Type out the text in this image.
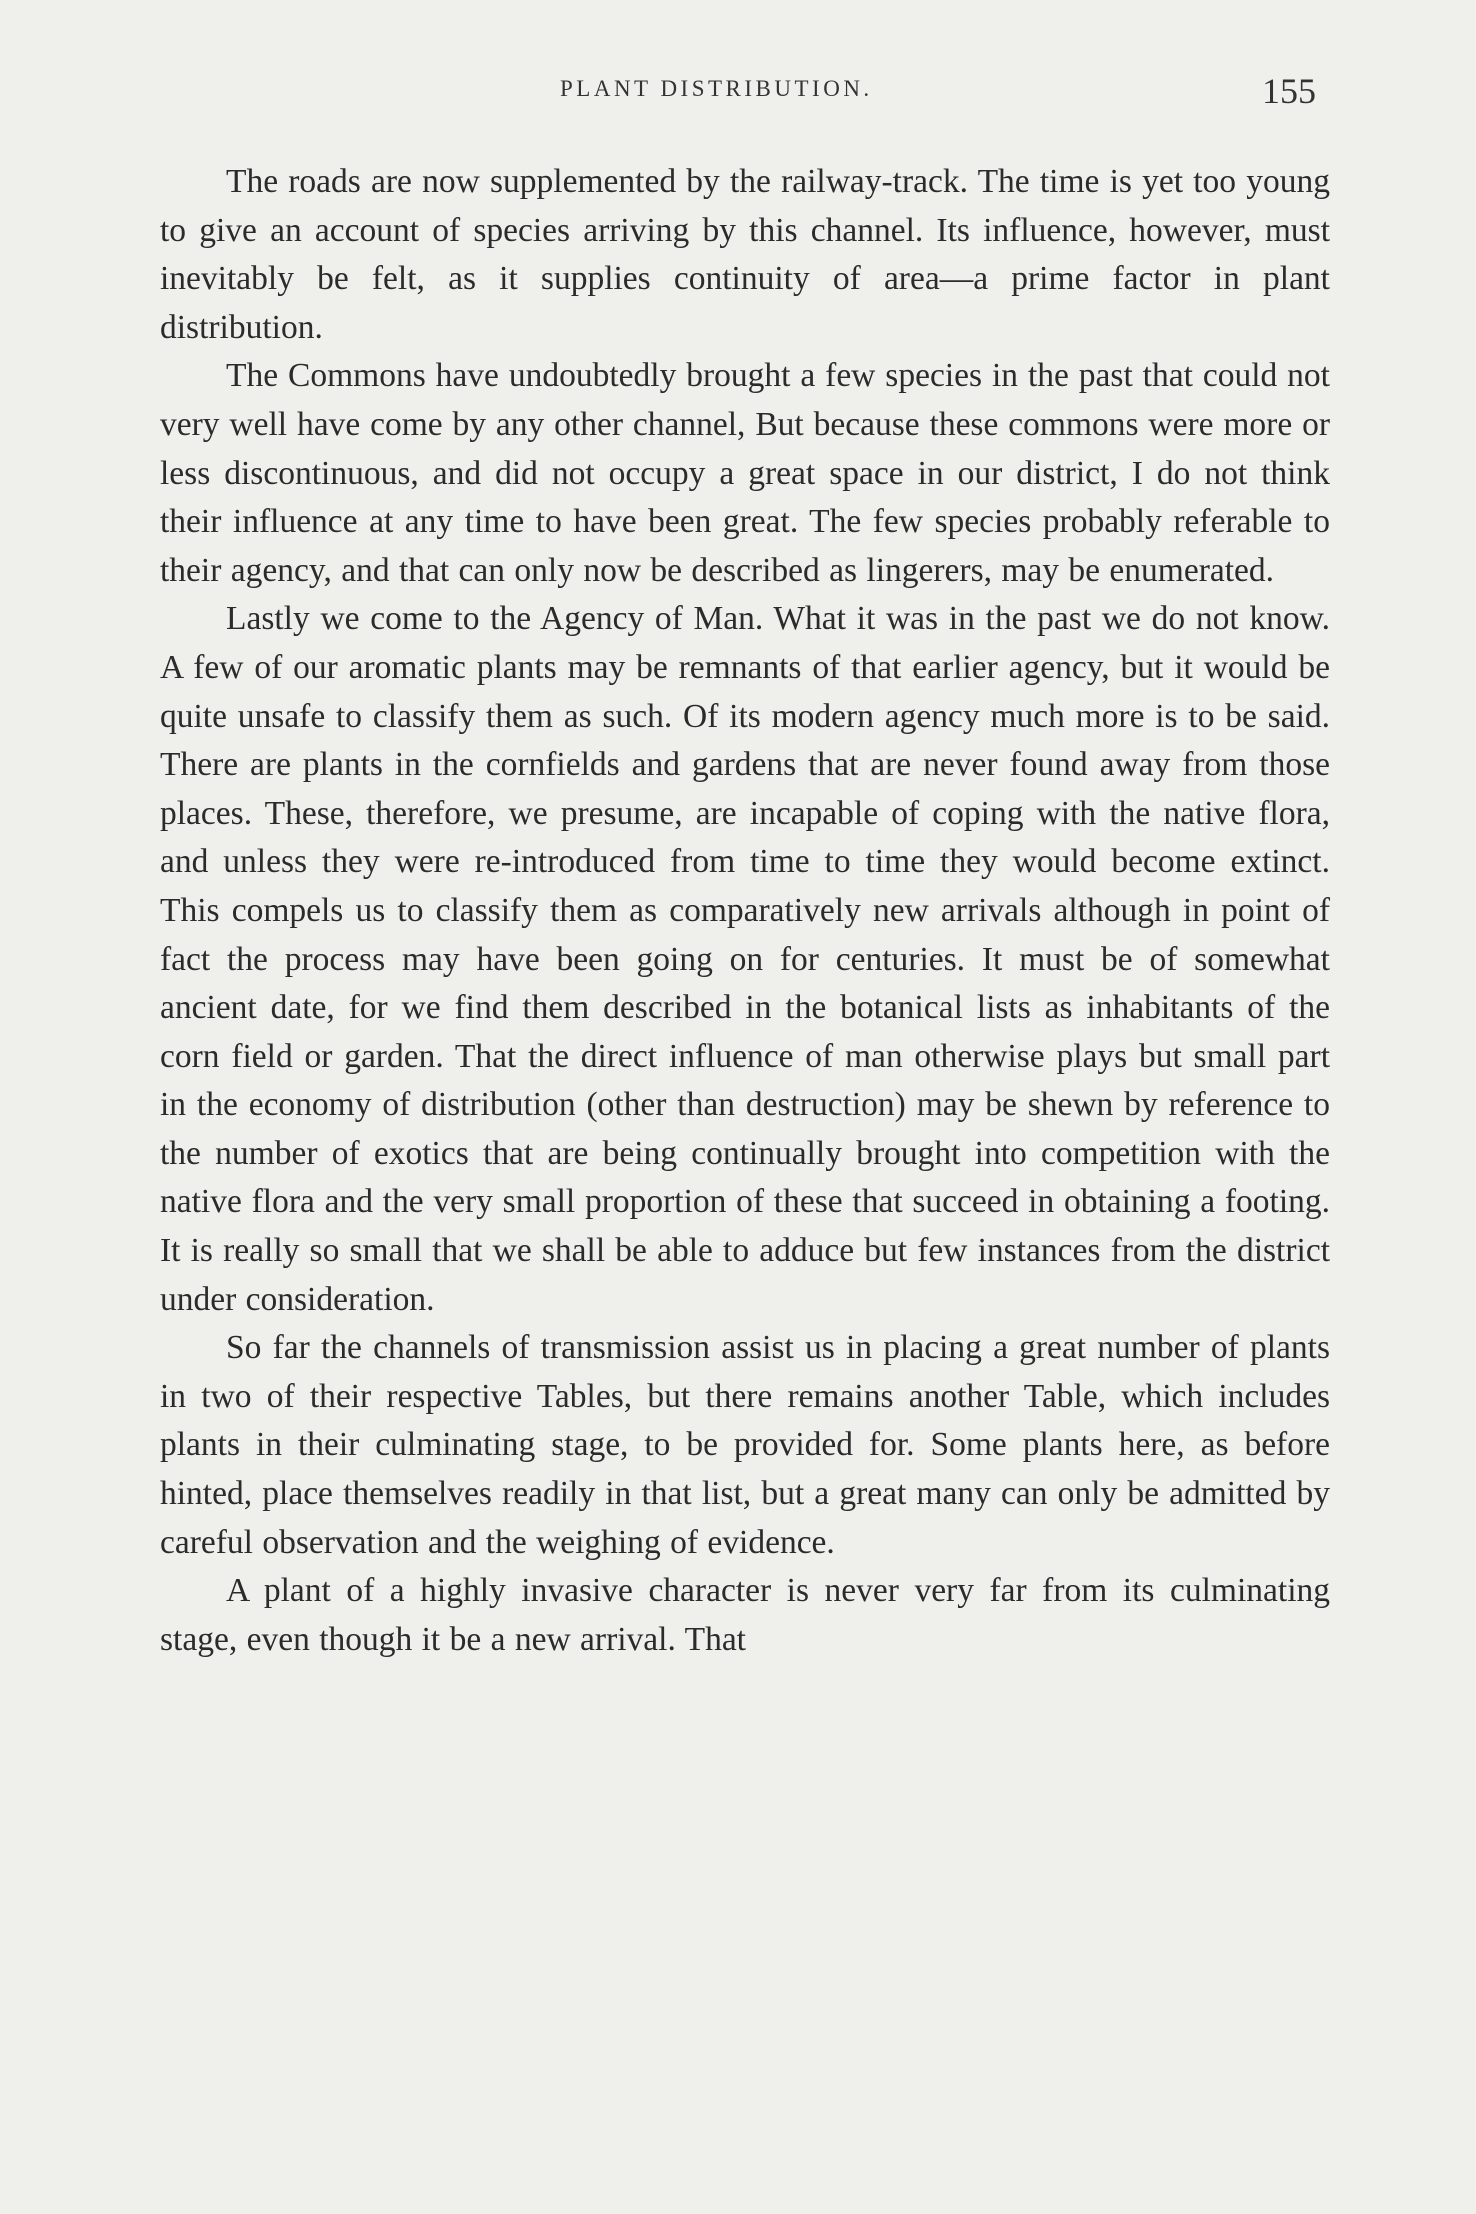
PLANT DISTRIBUTION.	155

The roads are now supplemented by the railway-track. The time is yet too young to give an account of species arriving by this channel. Its influence, however, must inevitably be felt, as it supplies continuity of area—a prime factor in plant distribution.

The Commons have undoubtedly brought a few species in the past that could not very well have come by any other channel, But because these commons were more or less discontinuous, and did not occupy a great space in our district, I do not think their influence at any time to have been great. The few species probably referable to their agency, and that can only now be described as lingerers, may be enumerated.

Lastly we come to the Agency of Man. What it was in the past we do not know. A few of our aromatic plants may be remnants of that earlier agency, but it would be quite unsafe to classify them as such. Of its modern agency much more is to be said. There are plants in the cornfields and gardens that are never found away from those places. These, therefore, we presume, are incapable of coping with the native flora, and unless they were re-introduced from time to time they would become extinct. This compels us to classify them as comparatively new arrivals although in point of fact the process may have been going on for centuries. It must be of somewhat ancient date, for we find them described in the botanical lists as inhabitants of the corn field or garden. That the direct influence of man otherwise plays but small part in the economy of distribution (other than destruction) may be shewn by reference to the number of exotics that are being continually brought into competition with the native flora and the very small proportion of these that succeed in obtaining a footing. It is really so small that we shall be able to adduce but few instances from the district under consideration.

So far the channels of transmission assist us in placing a great number of plants in two of their respective Tables, but there remains another Table, which includes plants in their culminating stage, to be provided for. Some plants here, as before hinted, place themselves readily in that list, but a great many can only be admitted by careful observation and the weighing of evidence.

A plant of a highly invasive character is never very far from its culminating stage, even though it be a new arrival. That
